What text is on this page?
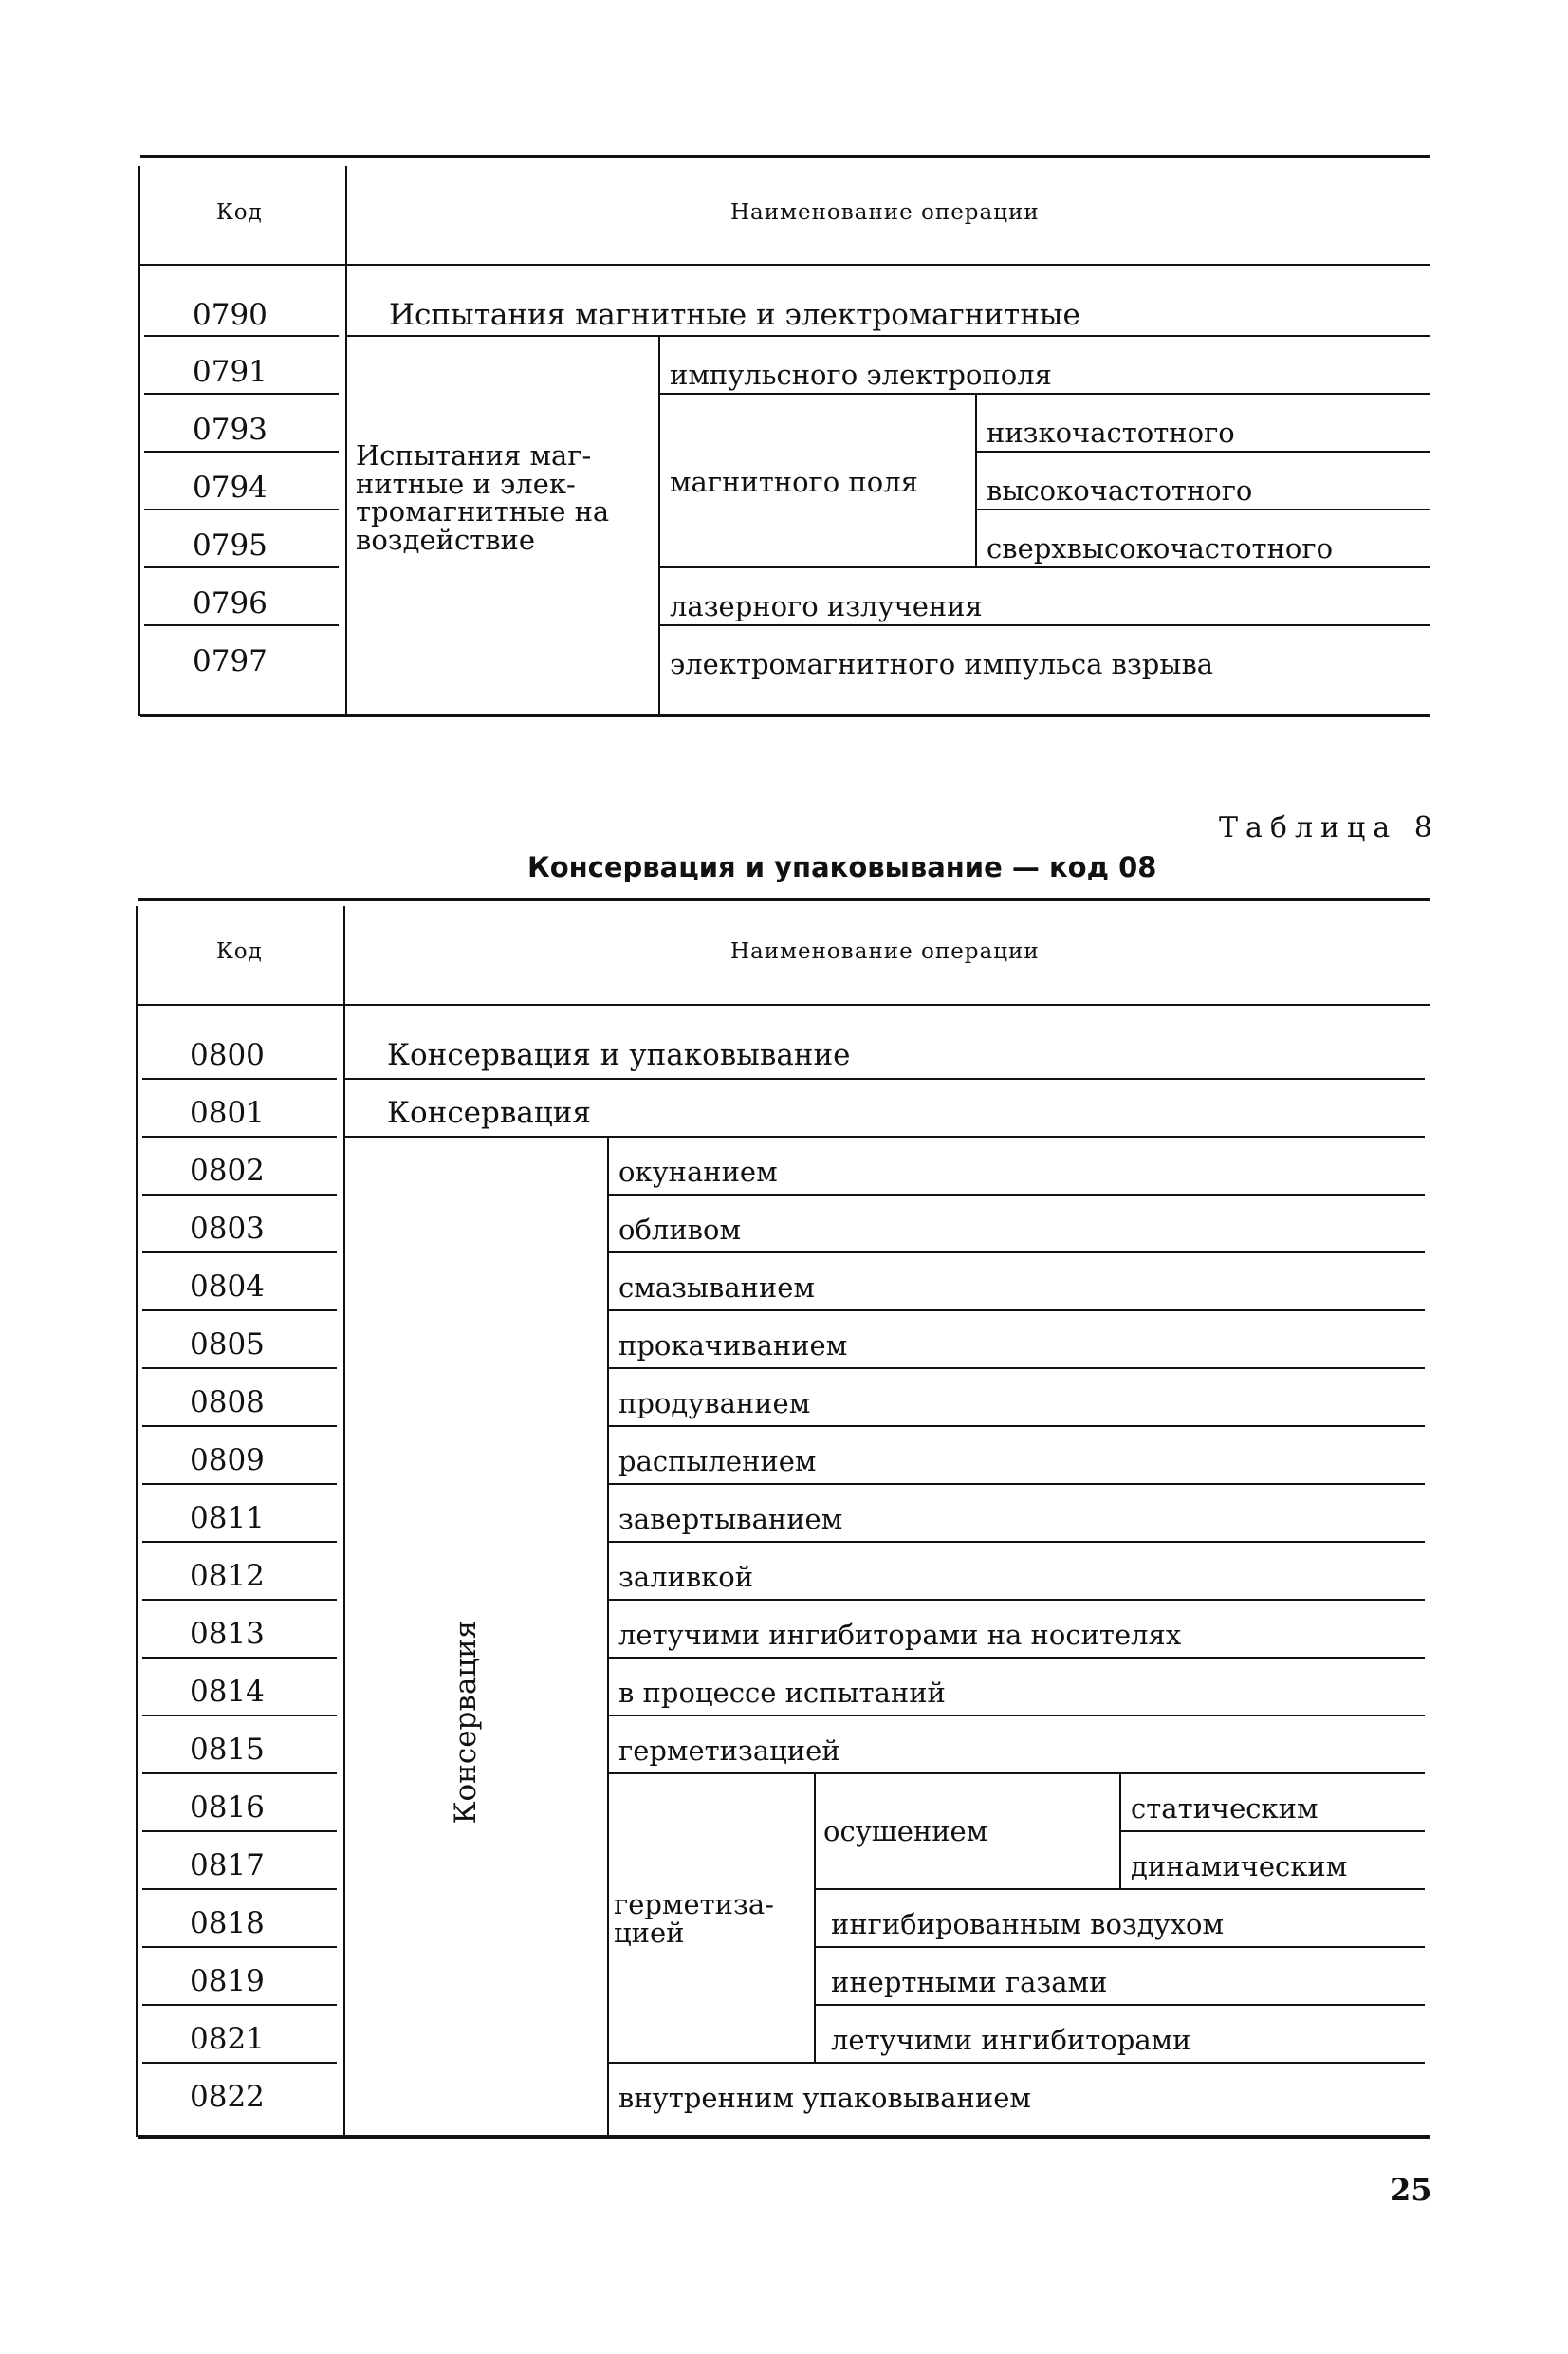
Код	Наименование операции
0790
0791
0793
0794
0795
0796
0797
Испытания магнитные и электромагнитные
Испытания маг-нитные и элек-тромагнитные на воздействие
импульсного электрополя
магнитного поля
низкочастотного
высокочастотного
сверхвысокочастотного
лазерного излучения
электромагнитного импульса взрыва
Таблица 8
Консервация и упаковывание — код 08
Код	Наименование операции
0800
0801
0802
0803
0804
0805
0808
0809
0811
0812
0813
0814
0815
0816
0817
0818
0819
0821
0822
Консервация и упаковывание
Консервация
Консервация
окунанием
обливом
смазыванием
прокачиванием
продуванием
распылением
завертыванием
заливкой
летучими ингибиторами на носителях
в процессе испытаний
герметизацией
герметиза-цией
осушением
статическим
динамическим
ингибированным воздухом
инертными газами
летучими ингибиторами
внутренним упаковыванием
25
